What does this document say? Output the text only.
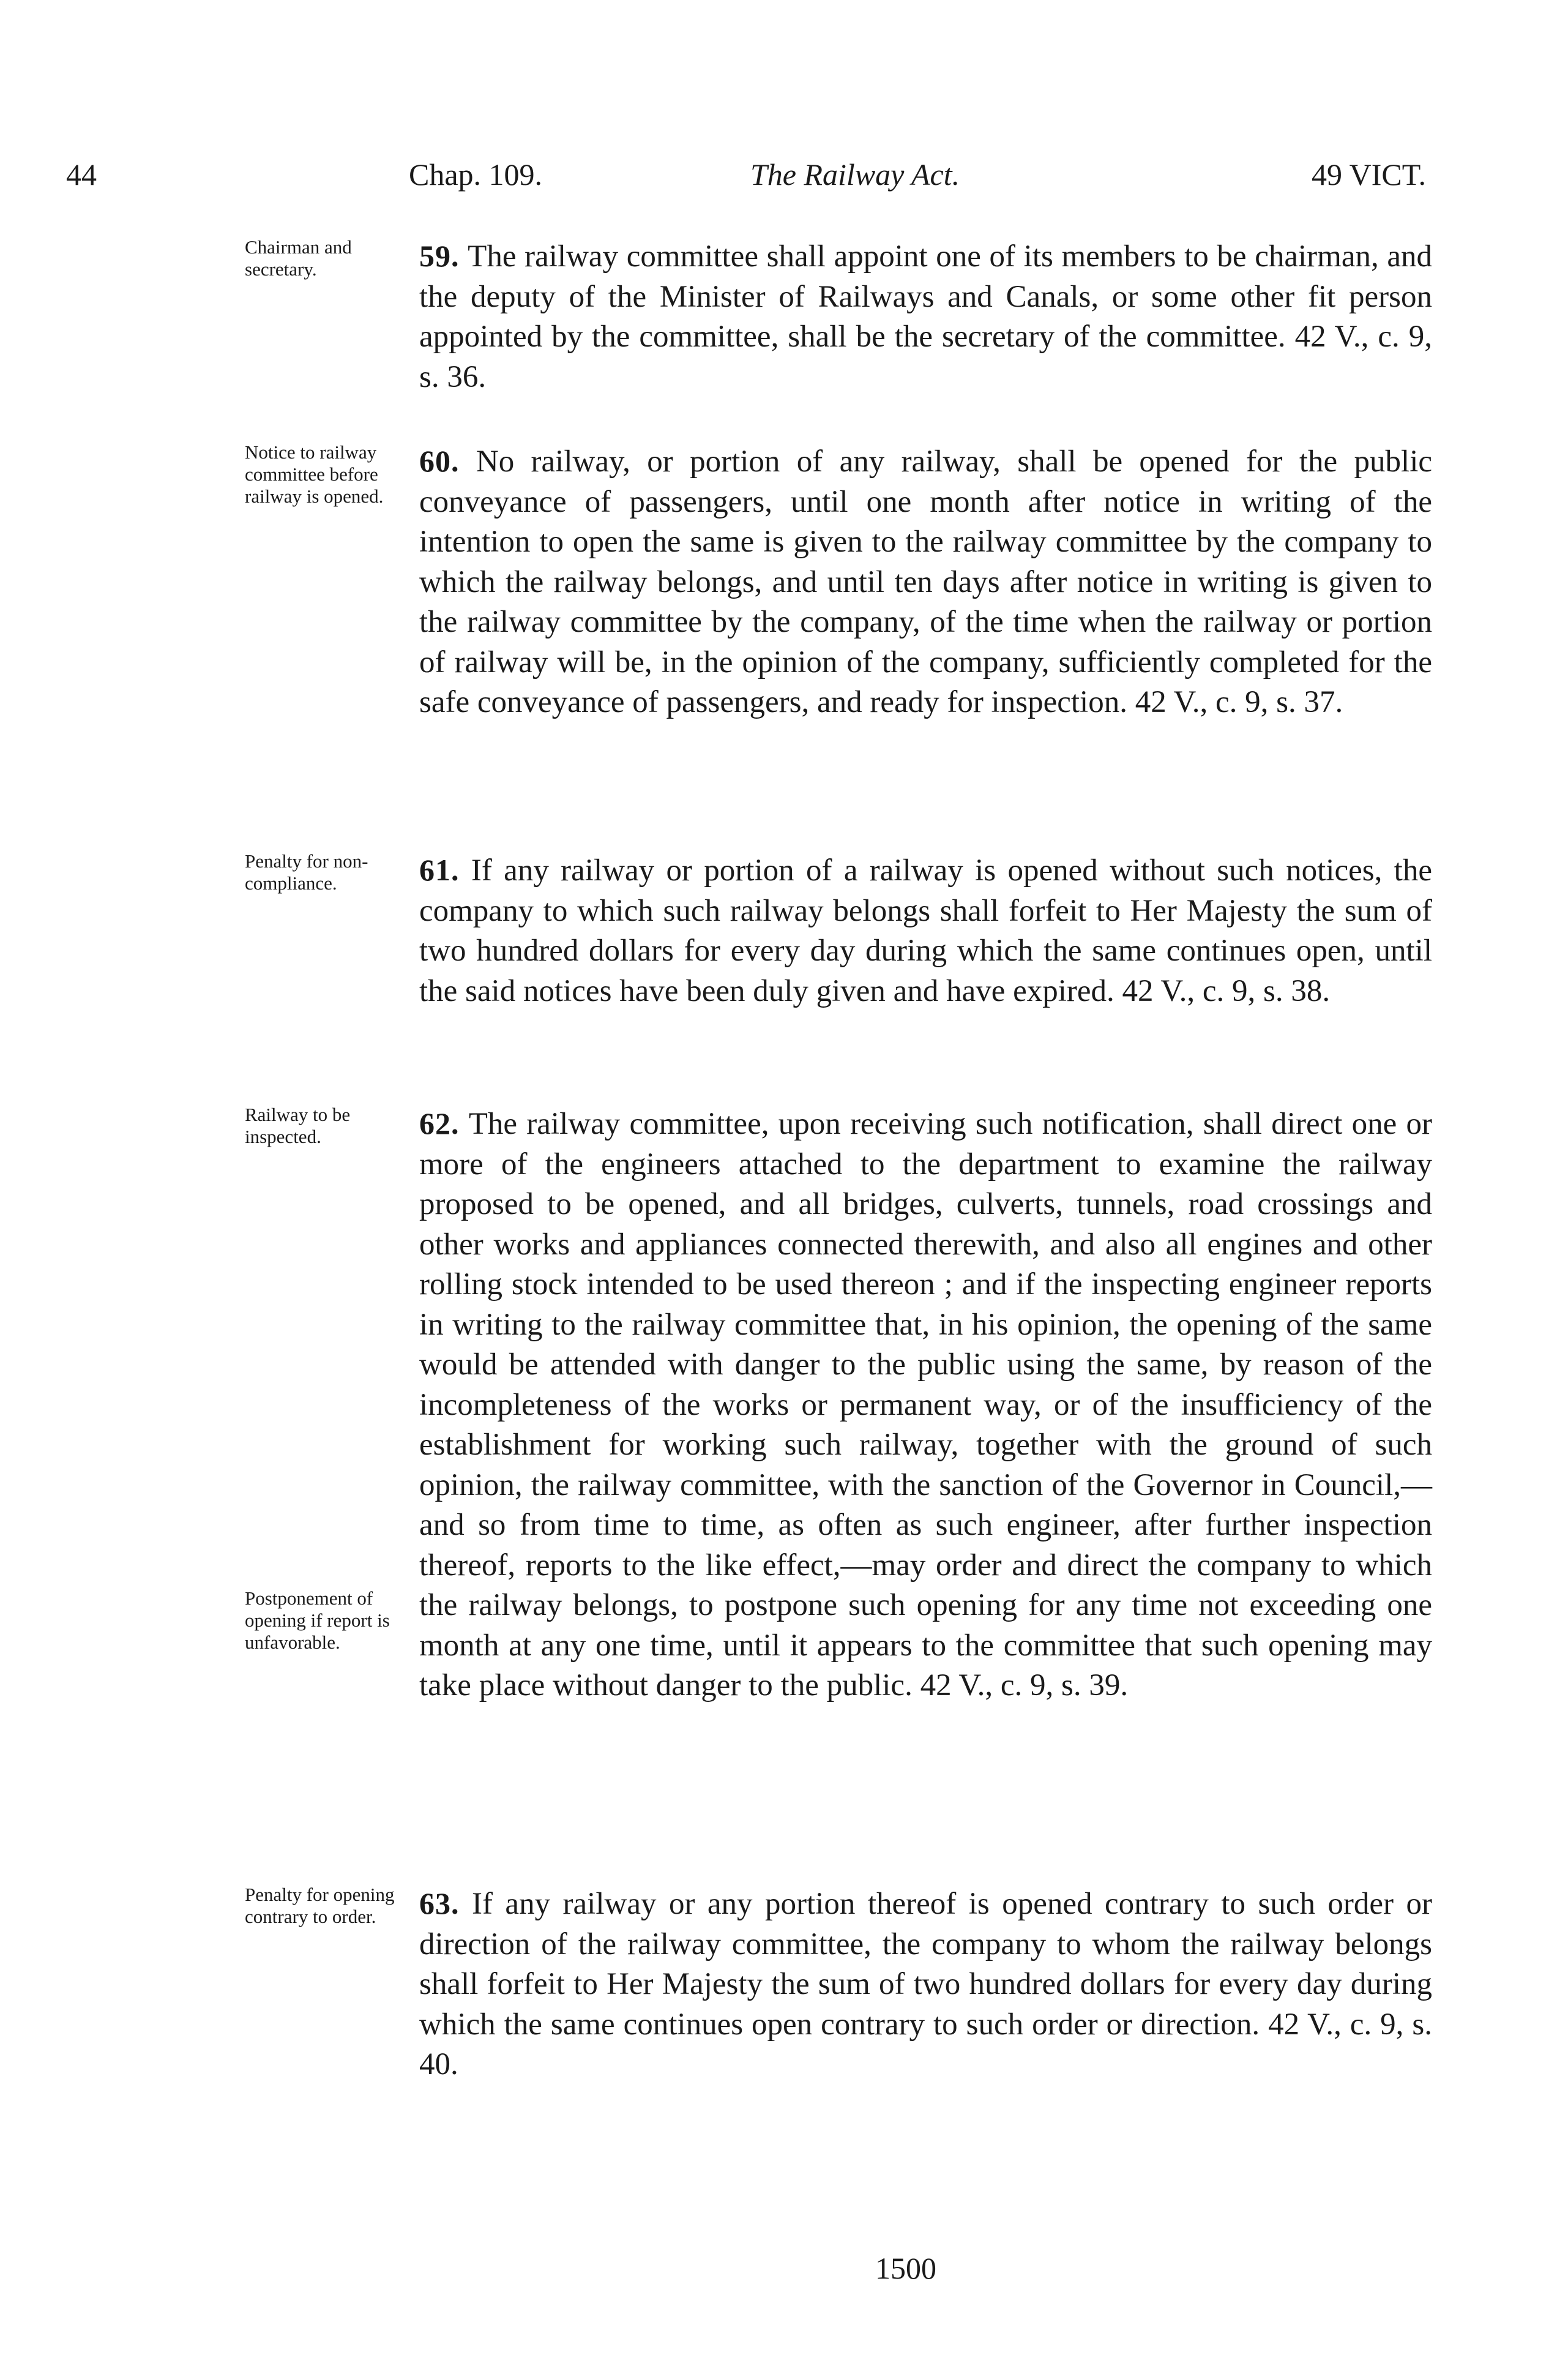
44	Chap. 109.	The Railway Act.	49 VICT.
Chairman and secretary.	59. The railway committee shall appoint one of its members to be chairman, and the deputy of the Minister of Railways and Canals, or some other fit person appointed by the committee, shall be the secretary of the committee. 42 V., c. 9, s. 36.

Notice to railway committee before railway is opened.

60. No railway, or portion of any railway, shall be opened for the public conveyance of passengers, until one month after notice in writing of the intention to open the same is given to the railway committee by the company to which the railway belongs, and until ten days after notice in writing is given to the railway committee by the company, of the time when the railway or portion of railway will be, in the opinion of the company, sufficiently completed for the safe conveyance of passengers, and ready for inspection. 42 V., c. 9, s. 37.

Penalty for non-compliance.	61. If any railway or portion of a railway is opened without such notices, the company to which such railway belongs shall forfeit to Her Majesty the sum of two hundred dollars for every day during which the same continues open, until the said notices have been duly given and have expired. 42 V., c. 9, s. 38.

Railway to be inspected.
Postponement of opening if report is unfavorable.

62. The railway committee, upon receiving such notification, shall direct one or more of the engineers attached to the department to examine the railway proposed to be opened, and all bridges, culverts, tunnels, road crossings and other works and appliances connected therewith, and also all engines and other rolling stock intended to be used thereon ; and if the inspecting engineer reports in writing to the railway committee that, in his opinion, the opening of the same would be attended with danger to the public using the same, by reason of the incompleteness of the works or permanent way, or of the insufficiency of the establishment for working such railway, together with the ground of such opinion, the railway committee, with the sanction of the Governor in Council,—and so from time to time, as often as such engineer, after further inspection thereof, reports to the like effect,—may order and direct the company to which the railway belongs, to postpone such opening for any time not exceeding one month at any one time, until it appears to the committee that such opening may take place without danger to the public. 42 V., c. 9, s. 39.

Penalty for opening contrary to order.	63. If any railway or any portion thereof is opened contrary to such order or direction of the railway committee, the company to whom the railway belongs shall forfeit to Her Majesty the sum of two hundred dollars for every day during which the same continues open contrary to such order or direction. 42 V., c. 9, s. 40.

1500
